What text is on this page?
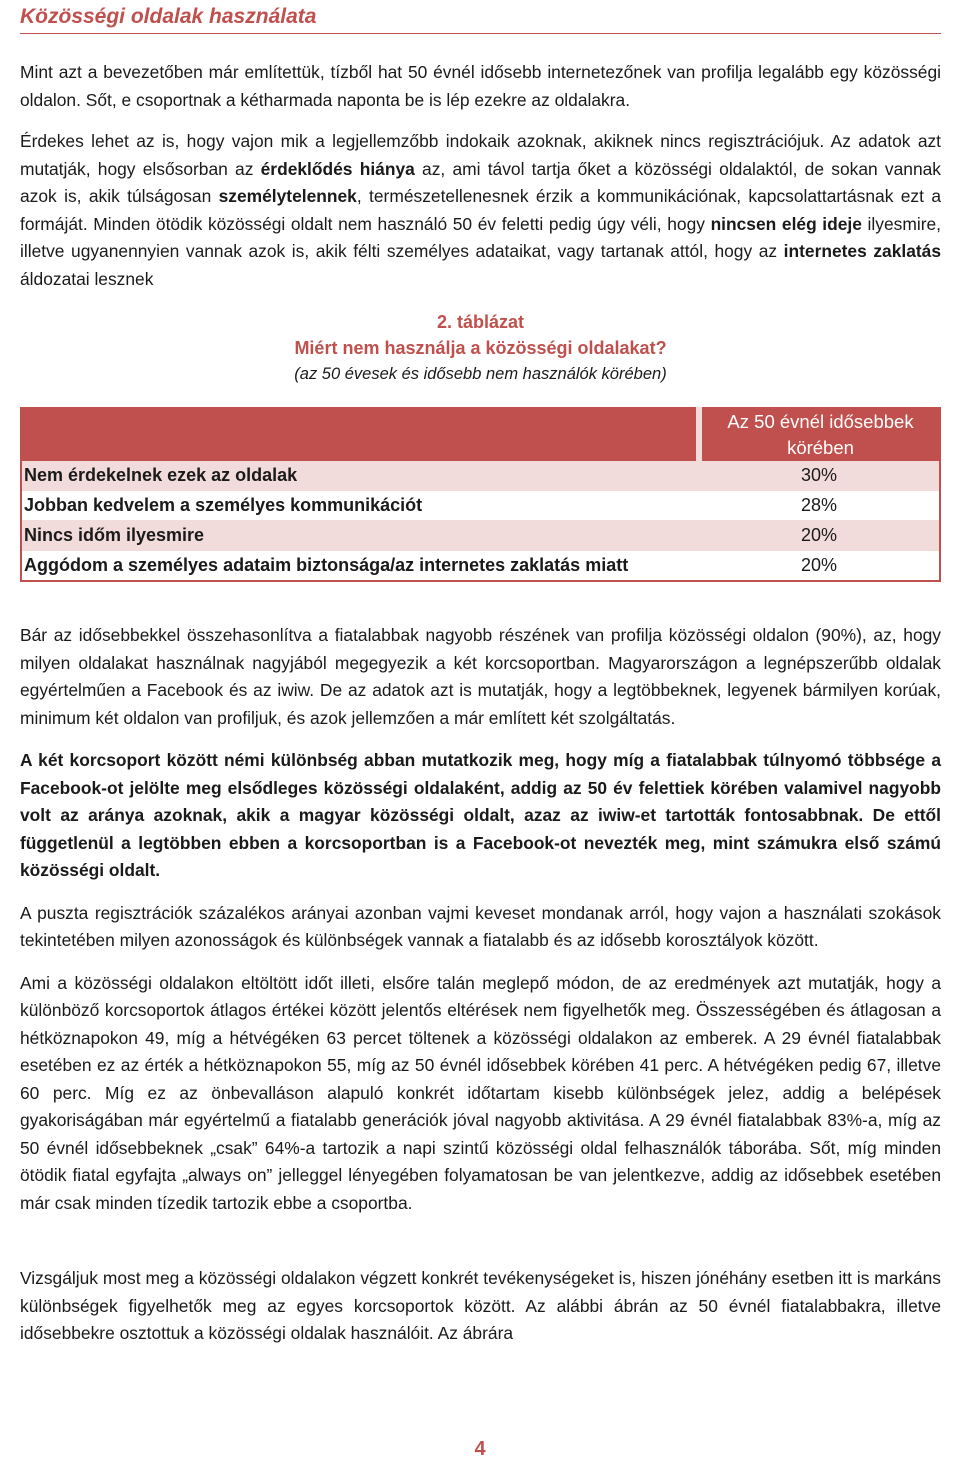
Közösségi oldalak használata

Mint azt a bevezetőben már említettük, tízből hat 50 évnél idősebb internetezőnek van profilja legalább egy közösségi oldalon. Sőt, e csoportnak a kétharmada naponta be is lép ezekre az oldalakra.

Érdekes lehet az is, hogy vajon mik a legjellemzőbb indokaik azoknak, akiknek nincs regisztrációjuk. Az adatok azt mutatják, hogy elsősorban az érdeklődés hiánya az, ami távol tartja őket a közösségi oldalaktól, de sokan vannak azok is, akik túlságosan személytelennek, természetellenesnek érzik a kommunikációnak, kapcsolattartásnak ezt a formáját. Minden ötödik közösségi oldalt nem használó 50 év feletti pedig úgy véli, hogy nincsen elég ideje ilyesmire, illetve ugyanennyien vannak azok is, akik félti személyes adataikat, vagy tartanak attól, hogy az internetes zaklatás áldozatai lesznek

2. táblázat
Miért nem használja a közösségi oldalakat?
(az 50 évesek és idősebb nem használók körében)
	Az 50 évnél idősebbek körében
Nem érdekelnek ezek az oldalak	30%
Jobban kedvelem a személyes kommunikációt	28%
Nincs időm ilyesmire	20%
Aggódom a személyes adataim biztonsága/az internetes zaklatás miatt	20%

Bár az idősebbekkel összehasonlítva a fiatalabbak nagyobb részének van profilja közösségi oldalon (90%), az, hogy milyen oldalakat használnak nagyjából megegyezik a két korcsoportban. Magyarországon a legnépszerűbb oldalak egyértelműen a Facebook és az iwiw. De az adatok azt is mutatják, hogy a legtöbbeknek, legyenek bármilyen korúak, minimum két oldalon van profiljuk, és azok jellemzően a már említett két szolgáltatás.

A két korcsoport között némi különbség abban mutatkozik meg, hogy míg a fiatalabbak túlnyomó többsége a Facebook-ot jelölte meg elsődleges közösségi oldalaként, addig az 50 év felettiek körében valamivel nagyobb volt az aránya azoknak, akik a magyar közösségi oldalt, azaz az iwiw-et tartották fontosabbnak. De ettől függetlenül a legtöbben ebben a korcsoportban is a Facebook-ot nevezték meg, mint számukra első számú közösségi oldalt.

A puszta regisztrációk százalékos arányai azonban vajmi keveset mondanak arról, hogy vajon a használati szokások tekintetében milyen azonosságok és különbségek vannak a fiatalabb és az idősebb korosztályok között.

Ami a közösségi oldalakon eltöltött időt illeti, elsőre talán meglepő módon, de az eredmények azt mutatják, hogy a különböző korcsoportok átlagos értékei között jelentős eltérések nem figyelhetők meg. Összességében és átlagosan a hétköznapokon 49, míg a hétvégéken 63 percet töltenek a közösségi oldalakon az emberek. A 29 évnél fiatalabbak esetében ez az érték a hétköznapokon 55, míg az 50 évnél idősebbek körében 41 perc. A hétvégéken pedig 67, illetve 60 perc. Míg ez az önbevalláson alapuló konkrét időtartam kisebb különbségek jelez, addig a belépések gyakoriságában már egyértelmű a fiatalabb generációk jóval nagyobb aktivitása. A 29 évnél fiatalabbak 83%-a, míg az 50 évnél idősebbeknek „csak” 64%-a tartozik a napi szintű közösségi oldal felhasználók táborába. Sőt, míg minden ötödik fiatal egyfajta „always on” jelleggel lényegében folyamatosan be van jelentkezve, addig az idősebbek esetében már csak minden tízedik tartozik ebbe a csoportba.

Vizsgáljuk most meg a közösségi oldalakon végzett konkrét tevékenységeket is, hiszen jónéhány esetben itt is markáns különbségek figyelhetők meg az egyes korcsoportok között. Az alábbi ábrán az 50 évnél fiatalabbakra, illetve idősebbekre osztottuk a közösségi oldalak használóit. Az ábrára

4
